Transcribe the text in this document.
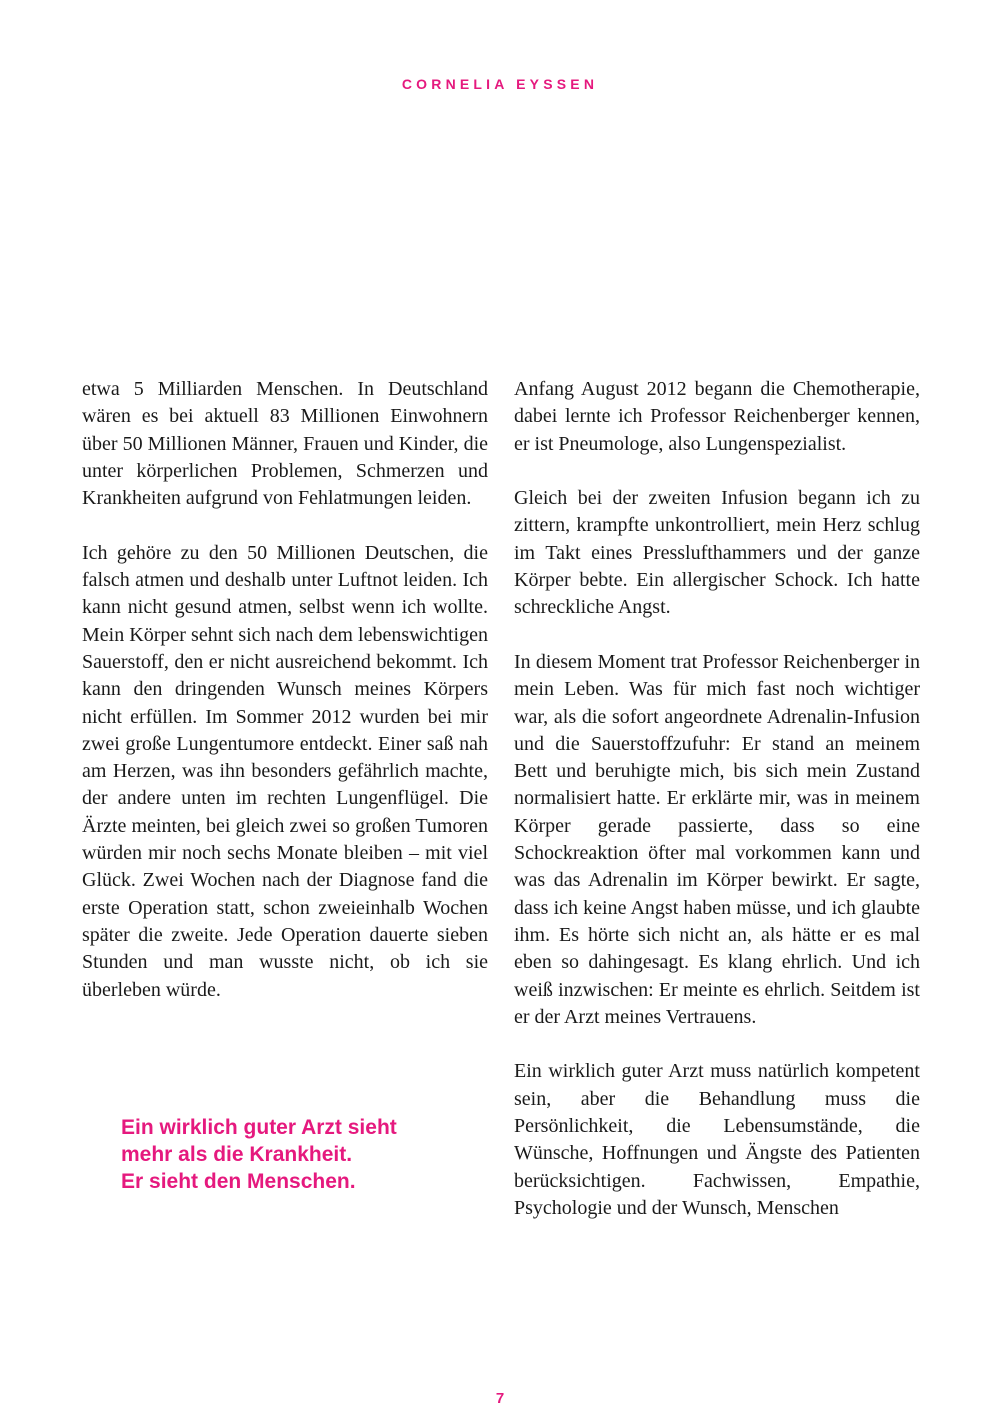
CORNELIA EYSSEN

etwa 5 Milliarden Menschen. In Deutschland wären es bei aktuell 83 Millionen Einwohnern über 50 Millionen Männer, Frauen und Kinder, die unter körperlichen Problemen, Schmerzen und Krankheiten aufgrund von Fehlatmungen leiden.

Ich gehöre zu den 50 Millionen Deutschen, die falsch atmen und deshalb unter Luftnot leiden. Ich kann nicht gesund atmen, selbst wenn ich wollte. Mein Körper sehnt sich nach dem lebenswichtigen Sauerstoff, den er nicht ausreichend bekommt. Ich kann den dringenden Wunsch meines Körpers nicht erfüllen. Im Sommer 2012 wurden bei mir zwei große Lungentumore entdeckt. Einer saß nah am Herzen, was ihn besonders gefährlich machte, der andere unten im rechten Lungenflügel. Die Ärzte meinten, bei gleich zwei so großen Tumoren würden mir noch sechs Monate bleiben – mit viel Glück. Zwei Wochen nach der Diagnose fand die erste Operation statt, schon zweieinhalb Wochen später die zweite. Jede Operation dauerte sieben Stunden und man wusste nicht, ob ich sie überleben würde.

Ein wirklich guter Arzt sieht
mehr als die Krankheit.
Er sieht den Menschen.

Anfang August 2012 begann die Chemotherapie, dabei lernte ich Professor Reichenberger kennen, er ist Pneumologe, also Lungenspezialist.

Gleich bei der zweiten Infusion begann ich zu zittern, krampfte unkontrolliert, mein Herz schlug im Takt eines Presslufthammers und der ganze Körper bebte. Ein allergischer Schock. Ich hatte schreckliche Angst.

In diesem Moment trat Professor Reichenberger in mein Leben. Was für mich fast noch wichtiger war, als die sofort angeordnete Adrenalin-Infusion und die Sauerstoffzufuhr: Er stand an meinem Bett und beruhigte mich, bis sich mein Zustand normalisiert hatte. Er erklärte mir, was in meinem Körper gerade passierte, dass so eine Schockreaktion öfter mal vorkommen kann und was das Adrenalin im Körper bewirkt. Er sagte, dass ich keine Angst haben müsse, und ich glaubte ihm. Es hörte sich nicht an, als hätte er es mal eben so dahingesagt. Es klang ehrlich. Und ich weiß inzwischen: Er meinte es ehrlich. Seitdem ist er der Arzt meines Vertrauens.

Ein wirklich guter Arzt muss natürlich kompetent sein, aber die Behandlung muss die Persönlichkeit, die Lebensumstände, die Wünsche, Hoffnungen und Ängste des Patienten berücksichtigen. Fachwissen, Empathie, Psychologie und der Wunsch, Menschen

7
